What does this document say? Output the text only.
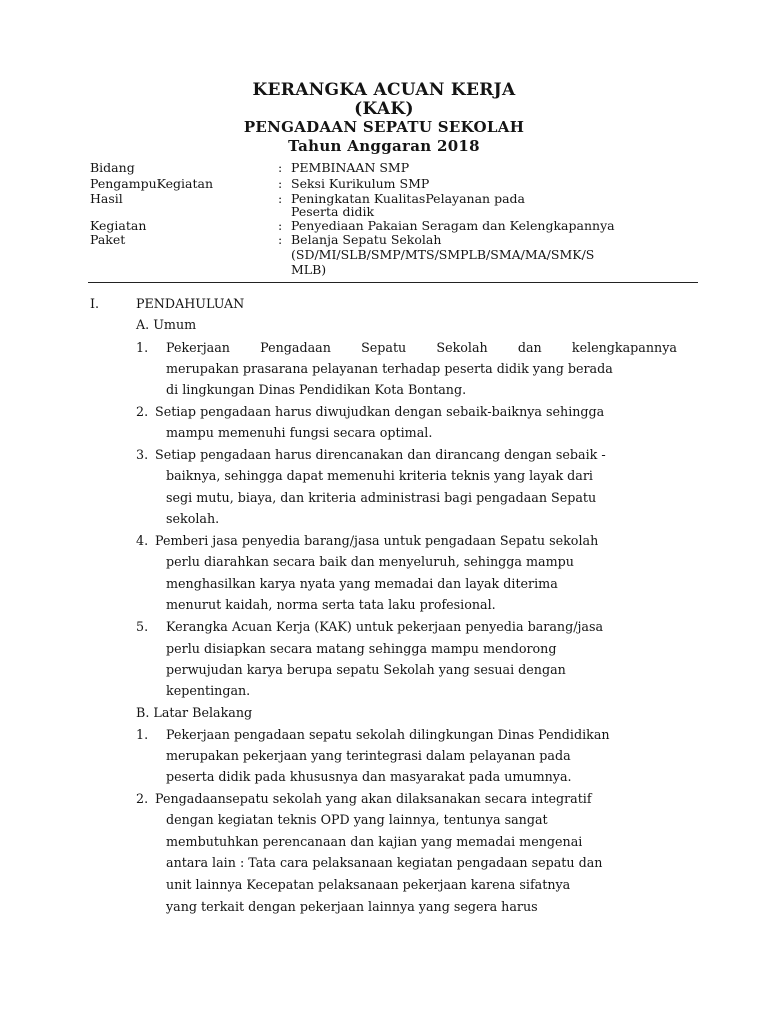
KERANGKA ACUAN KERJA
(KAK)
PENGADAAN SEPATU SEKOLAH
Tahun Anggaran 2018
Bidang	: PEMBINAAN SMP
PengampuKegiatan	: Seksi Kurikulum SMP
Hasil	: Peningkatan KualitasPelayanan pada
Peserta didik
Kegiatan	: Penyediaan Pakaian Seragam dan Kelengkapannya
Paket	: Belanja Sepatu Sekolah
(SD/MI/SLB/SMP/MTS/SMPLB/SMA/MA/SMK/S
MLB)
I.	PENDAHULUAN
A. Umum
1. Pekerjaan Pengadaan Sepatu Sekolah dan kelengkapannya
merupakan prasarana pelayanan terhadap peserta didik yang berada
di lingkungan Dinas Pendidikan Kota Bontang.
2. Setiap pengadaan harus diwujudkan dengan sebaik-baiknya sehingga
mampu memenuhi fungsi secara optimal.
3. Setiap pengadaan harus direncanakan dan dirancang dengan sebaik -
baiknya, sehingga dapat memenuhi kriteria teknis yang layak dari
segi mutu, biaya, dan kriteria administrasi bagi pengadaan Sepatu
sekolah.
4. Pemberi jasa penyedia barang/jasa untuk pengadaan Sepatu sekolah
perlu diarahkan secara baik dan menyeluruh, sehingga mampu
menghasilkan karya nyata yang memadai dan layak diterima
menurut kaidah, norma serta tata laku profesional.
5. Kerangka Acuan Kerja (KAK) untuk pekerjaan penyedia barang/jasa
perlu disiapkan secara matang sehingga mampu mendorong
perwujudan karya berupa sepatu Sekolah yang sesuai dengan
kepentingan.
B. Latar Belakang
1. Pekerjaan pengadaan sepatu sekolah dilingkungan Dinas Pendidikan
merupakan pekerjaan yang terintegrasi dalam pelayanan pada
peserta didik pada khususnya dan masyarakat pada umumnya.
2. Pengadaansepatu sekolah yang akan dilaksanakan secara integratif
dengan kegiatan teknis OPD yang lainnya, tentunya sangat
membutuhkan perencanaan dan kajian yang memadai mengenai
antara lain : Tata cara pelaksanaan kegiatan pengadaan sepatu dan
unit lainnya Kecepatan pelaksanaan pekerjaan karena sifatnya
yang terkait dengan pekerjaan lainnya yang segera harus
